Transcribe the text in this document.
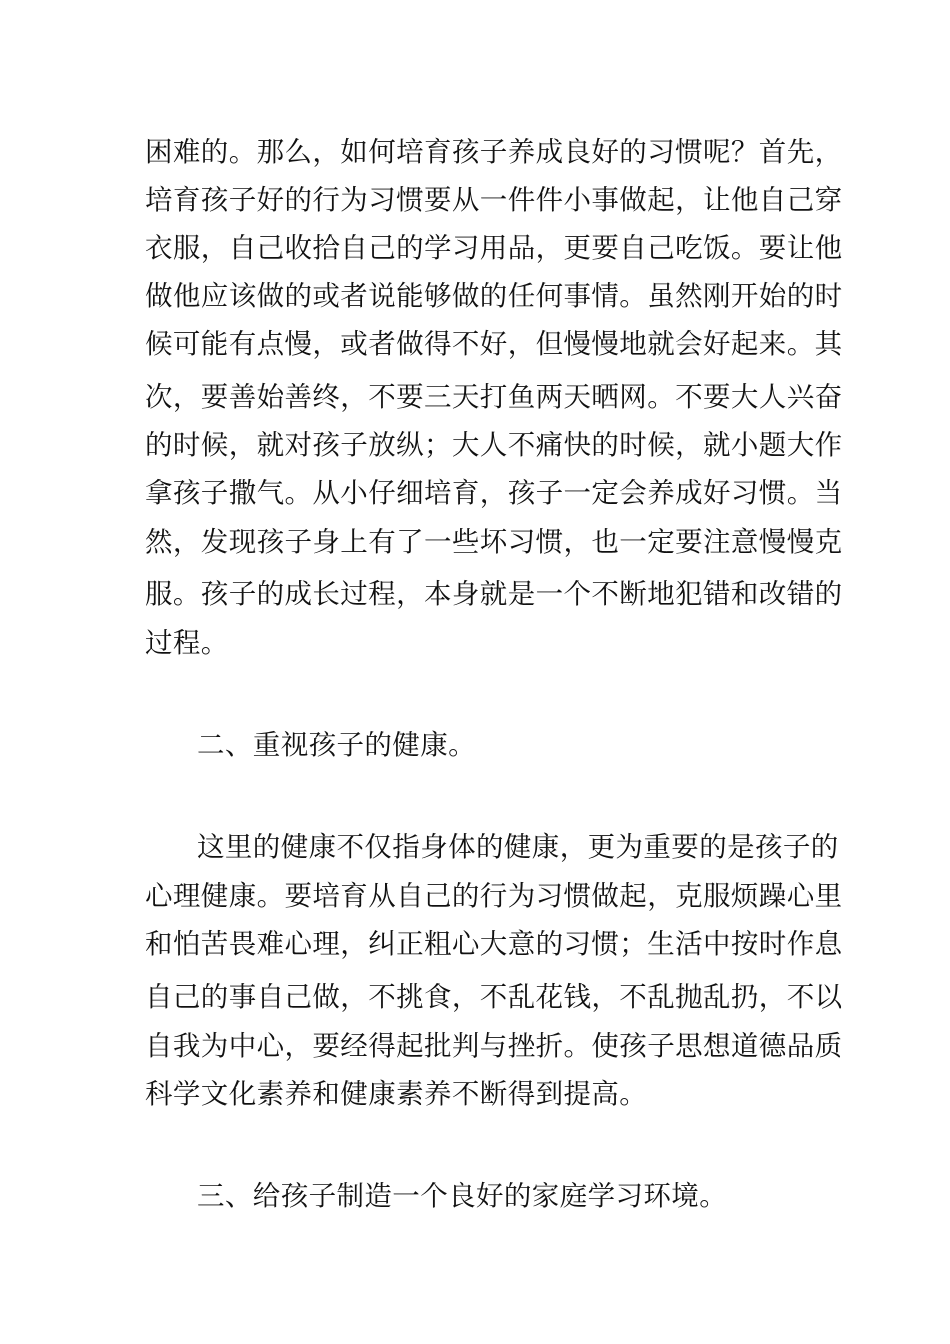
困难的。那么，如何培育孩子养成良好的习惯呢？首先，
培育孩子好的行为习惯要从一件件小事做起，让他自己穿
衣服，自己收拾自己的学习用品，更要自己吃饭。要让他
做他应该做的或者说能够做的任何事情。虽然刚开始的时
候可能有点慢，或者做得不好，但慢慢地就会好起来。其
次，要善始善终，不要三天打鱼两天晒网。不要大人兴奋
的时候，就对孩子放纵；大人不痛快的时候，就小题大作
拿孩子撒气。从小仔细培育，孩子一定会养成好习惯。当
然，发现孩子身上有了一些坏习惯，也一定要注意慢慢克
服。孩子的成长过程，本身就是一个不断地犯错和改错的
过程。
二、重视孩子的健康。
这里的健康不仅指身体的健康，更为重要的是孩子的
心理健康。要培育从自己的行为习惯做起，克服烦躁心里
和怕苦畏难心理，纠正粗心大意的习惯；生活中按时作息
自己的事自己做，不挑食，不乱花钱，不乱抛乱扔，不以
自我为中心，要经得起批判与挫折。使孩子思想道德品质
科学文化素养和健康素养不断得到提高。
三、给孩子制造一个良好的家庭学习环境。
